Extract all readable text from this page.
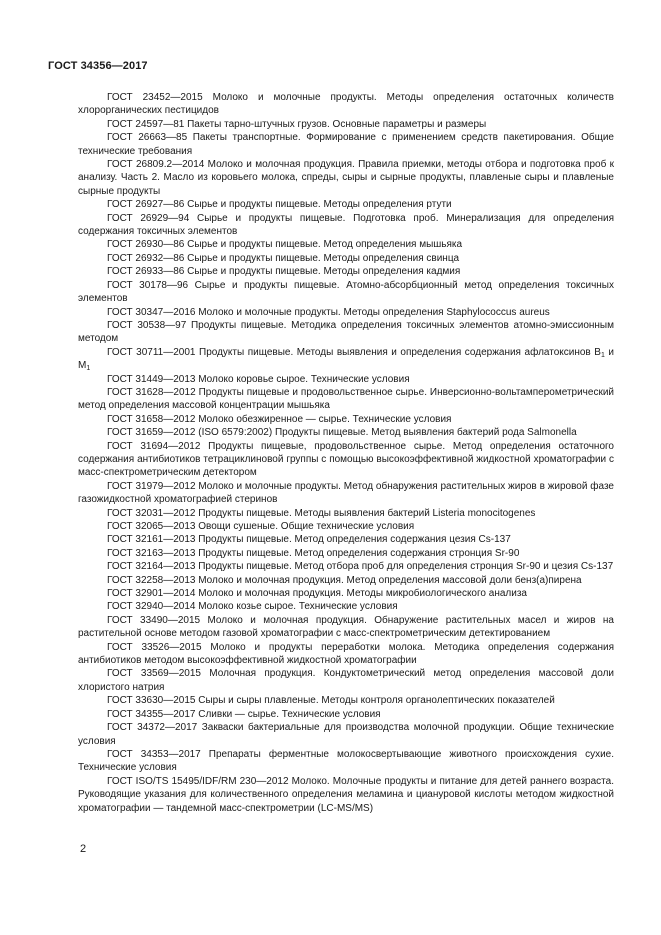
ГОСТ 34356—2017

ГОСТ 23452—2015 Молоко и молочные продукты. Методы определения остаточных количеств хлорорганических пестицидов

ГОСТ 24597—81 Пакеты тарно-штучных грузов. Основные параметры и размеры

ГОСТ 26663—85 Пакеты транспортные. Формирование с применением средств пакетирования. Общие технические требования

ГОСТ 26809.2—2014 Молоко и молочная продукция. Правила приемки, методы отбора и подготовка проб к анализу. Часть 2. Масло из коровьего молока, спреды, сыры и сырные продукты, плавленые сыры и плавленые сырные продукты

ГОСТ 26927—86 Сырье и продукты пищевые. Методы определения ртути

ГОСТ 26929—94 Сырье и продукты пищевые. Подготовка проб. Минерализация для определения содержания токсичных элементов

ГОСТ 26930—86 Сырье и продукты пищевые. Метод определения мышьяка

ГОСТ 26932—86 Сырье и продукты пищевые. Методы определения свинца

ГОСТ 26933—86 Сырье и продукты пищевые. Методы определения кадмия

ГОСТ 30178—96 Сырье и продукты пищевые. Атомно-абсорбционный метод определения токсичных элементов

ГОСТ 30347—2016 Молоко и молочные продукты. Методы определения Staphylococcus aureus

ГОСТ 30538—97 Продукты пищевые. Методика определения токсичных элементов атомно-эмиссионным методом

ГОСТ 30711—2001 Продукты пищевые. Методы выявления и определения содержания афлатоксинов $B_1$ и $M_1$

ГОСТ 31449—2013 Молоко коровье сырое. Технические условия

ГОСТ 31628—2012 Продукты пищевые и продовольственное сырье. Инверсионно-вольтамперометрический метод определения массовой концентрации мышьяка

ГОСТ 31658—2012 Молоко обезжиренное — сырье. Технические условия

ГОСТ 31659—2012 (ISO 6579:2002) Продукты пищевые. Метод выявления бактерий рода Salmonella

ГОСТ 31694—2012 Продукты пищевые, продовольственное сырье. Метод определения остаточного содержания антибиотиков тетрациклиновой группы с помощью высокоэффективной жидкостной хроматографии с масс-спектрометрическим детектором

ГОСТ 31979—2012 Молоко и молочные продукты. Метод обнаружения растительных жиров в жировой фазе газожидкостной хроматографией стеринов

ГОСТ 32031—2012 Продукты пищевые. Методы выявления бактерий Listeria monocitogenes

ГОСТ 32065—2013 Овощи сушеные. Общие технические условия

ГОСТ 32161—2013 Продукты пищевые. Метод определения содержания цезия Cs-137

ГОСТ 32163—2013 Продукты пищевые. Метод определения содержания стронция Sr-90

ГОСТ 32164—2013 Продукты пищевые. Метод отбора проб для определения стронция Sr-90 и цезия Cs-137

ГОСТ 32258—2013 Молоко и молочная продукция. Метод определения массовой доли бенз(а)пирена

ГОСТ 32901—2014 Молоко и молочная продукция. Методы микробиологического анализа

ГОСТ 32940—2014 Молоко козье сырое. Технические условия

ГОСТ 33490—2015 Молоко и молочная продукция. Обнаружение растительных масел и жиров на растительной основе методом газовой хроматографии с масс-спектрометрическим детектированием

ГОСТ 33526—2015 Молоко и продукты переработки молока. Методика определения содержания антибиотиков методом высокоэффективной жидкостной хроматографии

ГОСТ 33569—2015 Молочная продукция. Кондуктометрический метод определения массовой доли хлористого натрия

ГОСТ 33630—2015 Сыры и сыры плавленые. Методы контроля органолептических показателей

ГОСТ 34355—2017 Сливки — сырье. Технические условия

ГОСТ 34372—2017 Закваски бактериальные для производства молочной продукции. Общие технические условия

ГОСТ 34353—2017 Препараты ферментные молокосвертывающие животного происхождения сухие. Технические условия

ГОСТ ISO/TS 15495/IDF/RM 230—2012 Молоко. Молочные продукты и питание для детей раннего возраста. Руководящие указания для количественного определения меламина и циануровой кислоты методом жидкостной хроматографии — тандемной масс-спектрометрии (LC-MS/MS)

2
